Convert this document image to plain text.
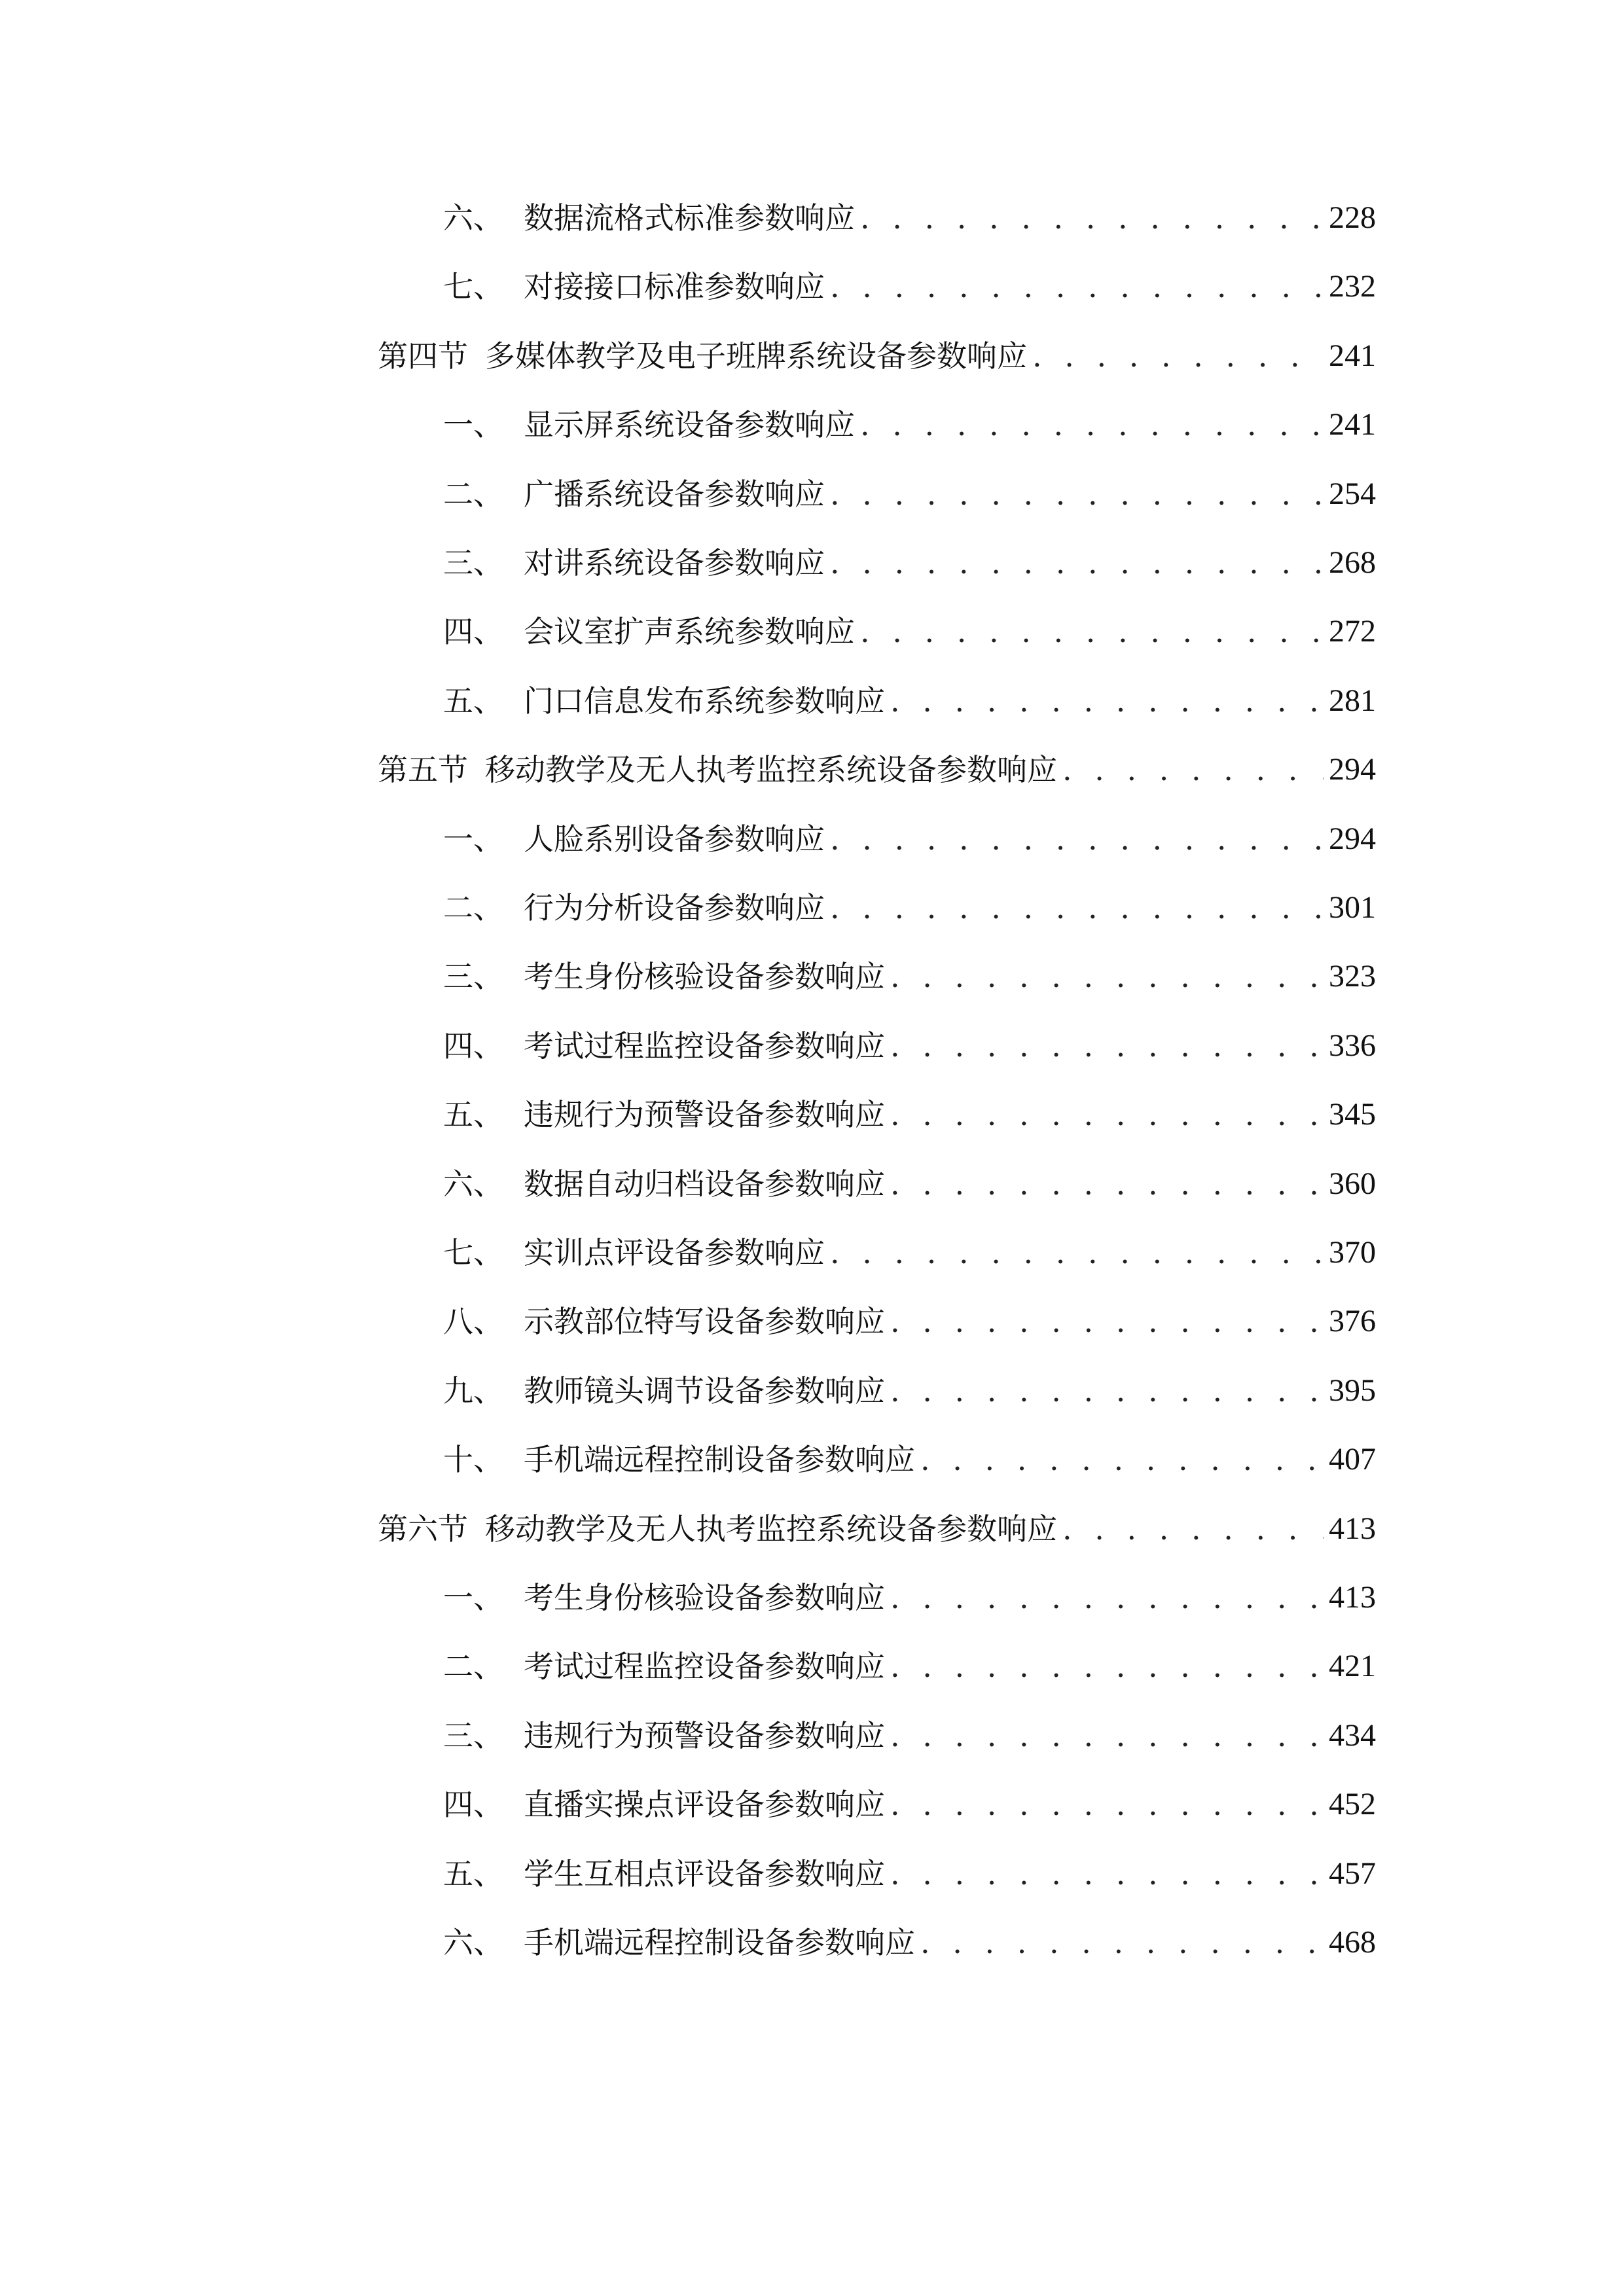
六、 数据流格式标准参数响应 . . .	228
七、 对接接口标准参数响应 . . .	232
第四节 多媒体教学及电子班牌系统设备参数响应 . . .	241
一、 显示屏系统设备参数响应 . . .	241
二、 广播系统设备参数响应 . . .	254
三、 对讲系统设备参数响应 . . .	268
四、 会议室扩声系统参数响应 . . .	272
五、 门口信息发布系统参数响应 . . .	281
第五节 移动教学及无人执考监控系统设备参数响应 . . .	294
一、 人脸系别设备参数响应 . . .	294
二、 行为分析设备参数响应 . . .	301
三、 考生身份核验设备参数响应 . . .	323
四、 考试过程监控设备参数响应 . . .	336
五、 违规行为预警设备参数响应 . . .	345
六、 数据自动归档设备参数响应 . . .	360
七、 实训点评设备参数响应 . . .	370
八、 示教部位特写设备参数响应 . . .	376
九、 教师镜头调节设备参数响应 . . .	395
十、 手机端远程控制设备参数响应 . . .	407
第六节 移动教学及无人执考监控系统设备参数响应 . . .	413
一、 考生身份核验设备参数响应 . . .	413
二、 考试过程监控设备参数响应 . . .	421
三、 违规行为预警设备参数响应 . . .	434
四、 直播实操点评设备参数响应 . . .	452
五、 学生互相点评设备参数响应 . . .	457
六、 手机端远程控制设备参数响应 . . .	468
